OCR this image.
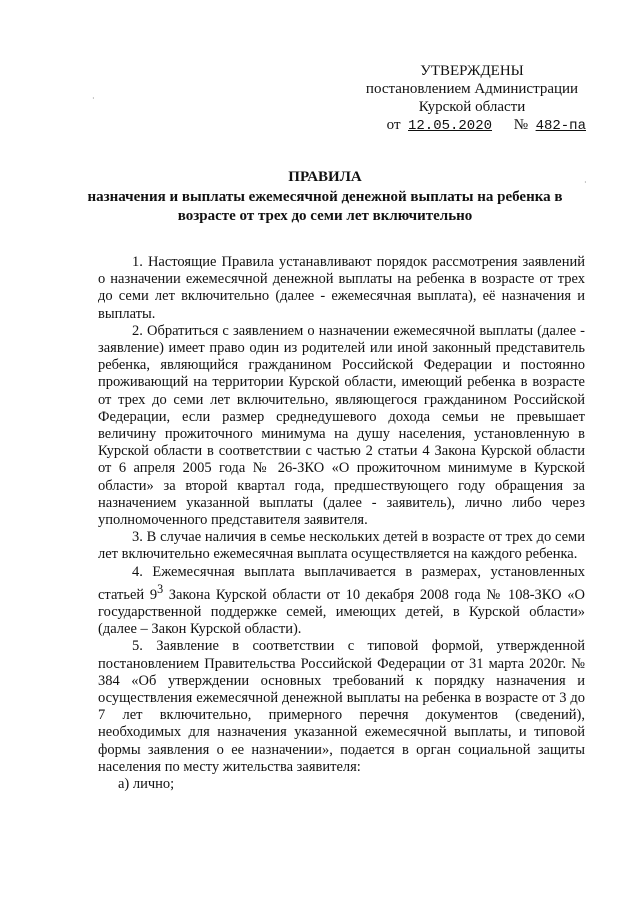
·
·
УТВЕРЖДЕНЫ
постановлением Администрации
Курской области
от 12.05.2020 № 482-па
ПРАВИЛА
назначения и выплаты ежемесячной денежной выплаты на ребенка в возрасте от трех до семи лет включительно

1. Настоящие Правила устанавливают порядок рассмотрения заявлений о назначении ежемесячной денежной выплаты на ребенка в возрасте от трех до семи лет включительно (далее - ежемесячная выплата), её назначения и выплаты.

2. Обратиться с заявлением о назначении ежемесячной выплаты (далее - заявление) имеет право один из родителей или иной законный представитель ребенка, являющийся гражданином Российской Федерации и постоянно проживающий на территории Курской области, имеющий ребенка в возрасте от трех до семи лет включительно, являющегося гражданином Российской Федерации, если размер среднедушевого дохода семьи не превышает величину прожиточного минимума на душу населения, установленную в Курской области в соответствии с частью 2 статьи 4 Закона Курской области от 6 апреля 2005 года № 26-ЗКО «О прожиточном минимуме в Курской области» за второй квартал года, предшествующего году обращения за назначением указанной выплаты (далее - заявитель), лично либо через уполномоченного представителя заявителя.

3. В случае наличия в семье нескольких детей в возрасте от трех до семи лет включительно ежемесячная выплата осуществляется на каждого ребенка.

4. Ежемесячная выплата выплачивается в размерах, установленных статьей $9^3$ Закона Курской области от 10 декабря 2008 года № 108-ЗКО «О государственной поддержке семей, имеющих детей, в Курской области» (далее – Закон Курской области).

5. Заявление в соответствии с типовой формой, утвержденной постановлением Правительства Российской Федерации от 31 марта 2020г. № 384 «Об утверждении основных требований к порядку назначения и осуществления ежемесячной денежной выплаты на ребенка в возрасте от 3 до 7 лет включительно, примерного перечня документов (сведений), необходимых для назначения указанной ежемесячной выплаты, и типовой формы заявления о ее назначении», подается в орган социальной защиты населения по месту жительства заявителя:

а) лично;
